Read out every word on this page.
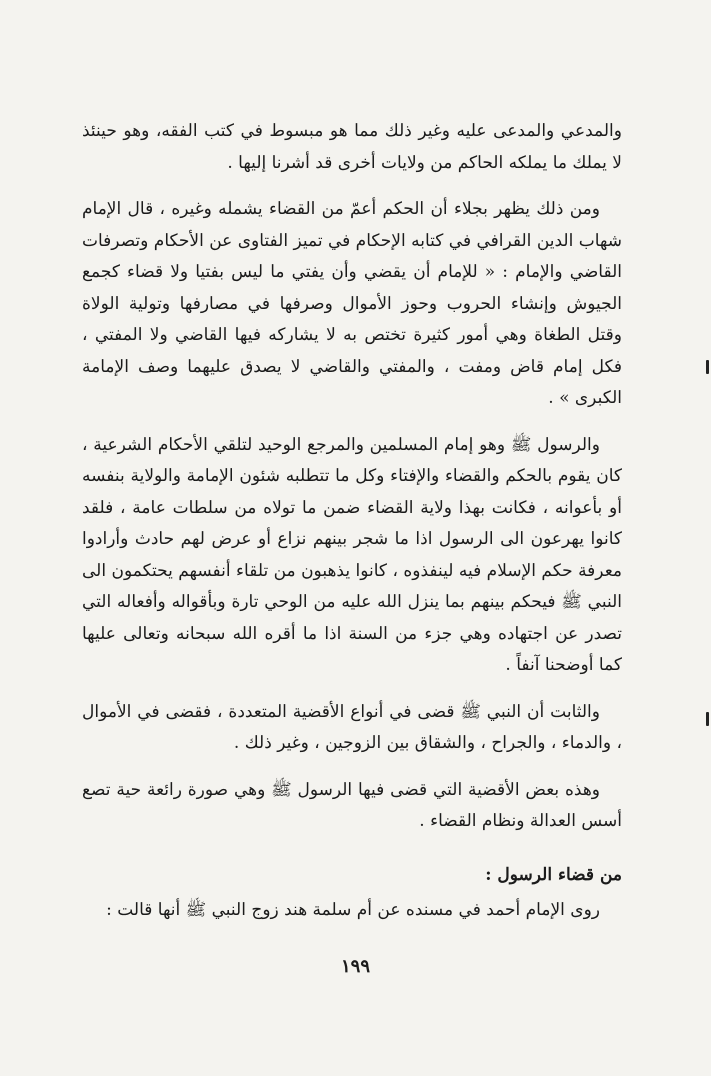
والمدعي والمدعى عليه وغير ذلك مما هو مبسوط في كتب الفقه، وهو حينئذ لا يملك ما يملكه الحاكم من ولايات أخرى قد أشرنا إليها .

ومن ذلك يظهر بجلاء أن الحكم أعمّ من القضاء يشمله وغيره ، قال الإمام شهاب الدين القرافي في كتابه الإحكام في تميز الفتاوى عن الأحكام وتصرفات القاضي والإمام : « للإمام أن يقضي وأن يفتي ما ليس بفتيا ولا قضاء كجمع الجيوش وإنشاء الحروب وحوز الأموال وصرفها في مصارفها وتولية الولاة وقتل الطغاة وهي أمور كثيرة تختص به لا يشاركه فيها القاضي ولا المفتي ، فكل إمام قاض ومفت ، والمفتي والقاضي لا يصدق عليهما وصف الإمامة الكبرى » .

والرسول ﷺ وهو إمام المسلمين والمرجع الوحيد لتلقي الأحكام الشرعية ، كان يقوم بالحكم والقضاء والإفتاء وكل ما تتطلبه شئون الإمامة والولاية بنفسه أو بأعوانه ، فكانت بهذا ولاية القضاء ضمن ما تولاه من سلطات عامة ، فلقد كانوا يهرعون الى الرسول اذا ما شجر بينهم نزاع أو عرض لهم حادث وأرادوا معرفة حكم الإسلام فيه لينفذوه ، كانوا يذهبون من تلقاء أنفسهم يحتكمون الى النبي ﷺ فيحكم بينهم بما ينزل الله عليه من الوحي تارة وبأقواله وأفعاله التي تصدر عن اجتهاده وهي جزء من السنة اذا ما أقره الله سبحانه وتعالى عليها كما أوضحنا آنفاً .

والثابت أن النبي ﷺ قضى في أنواع الأقضية المتعددة ، فقضى في الأموال ، والدماء ، والجراح ، والشقاق بين الزوجين ، وغير ذلك .

وهذه بعض الأقضية التي قضى فيها الرسول ﷺ وهي صورة رائعة حية تصع أسس العدالة ونظام القضاء .

من قضاء الرسول :

روى الإمام أحمد في مسنده عن أم سلمة هند زوج النبي ﷺ أنها قالت :

١٩٩
